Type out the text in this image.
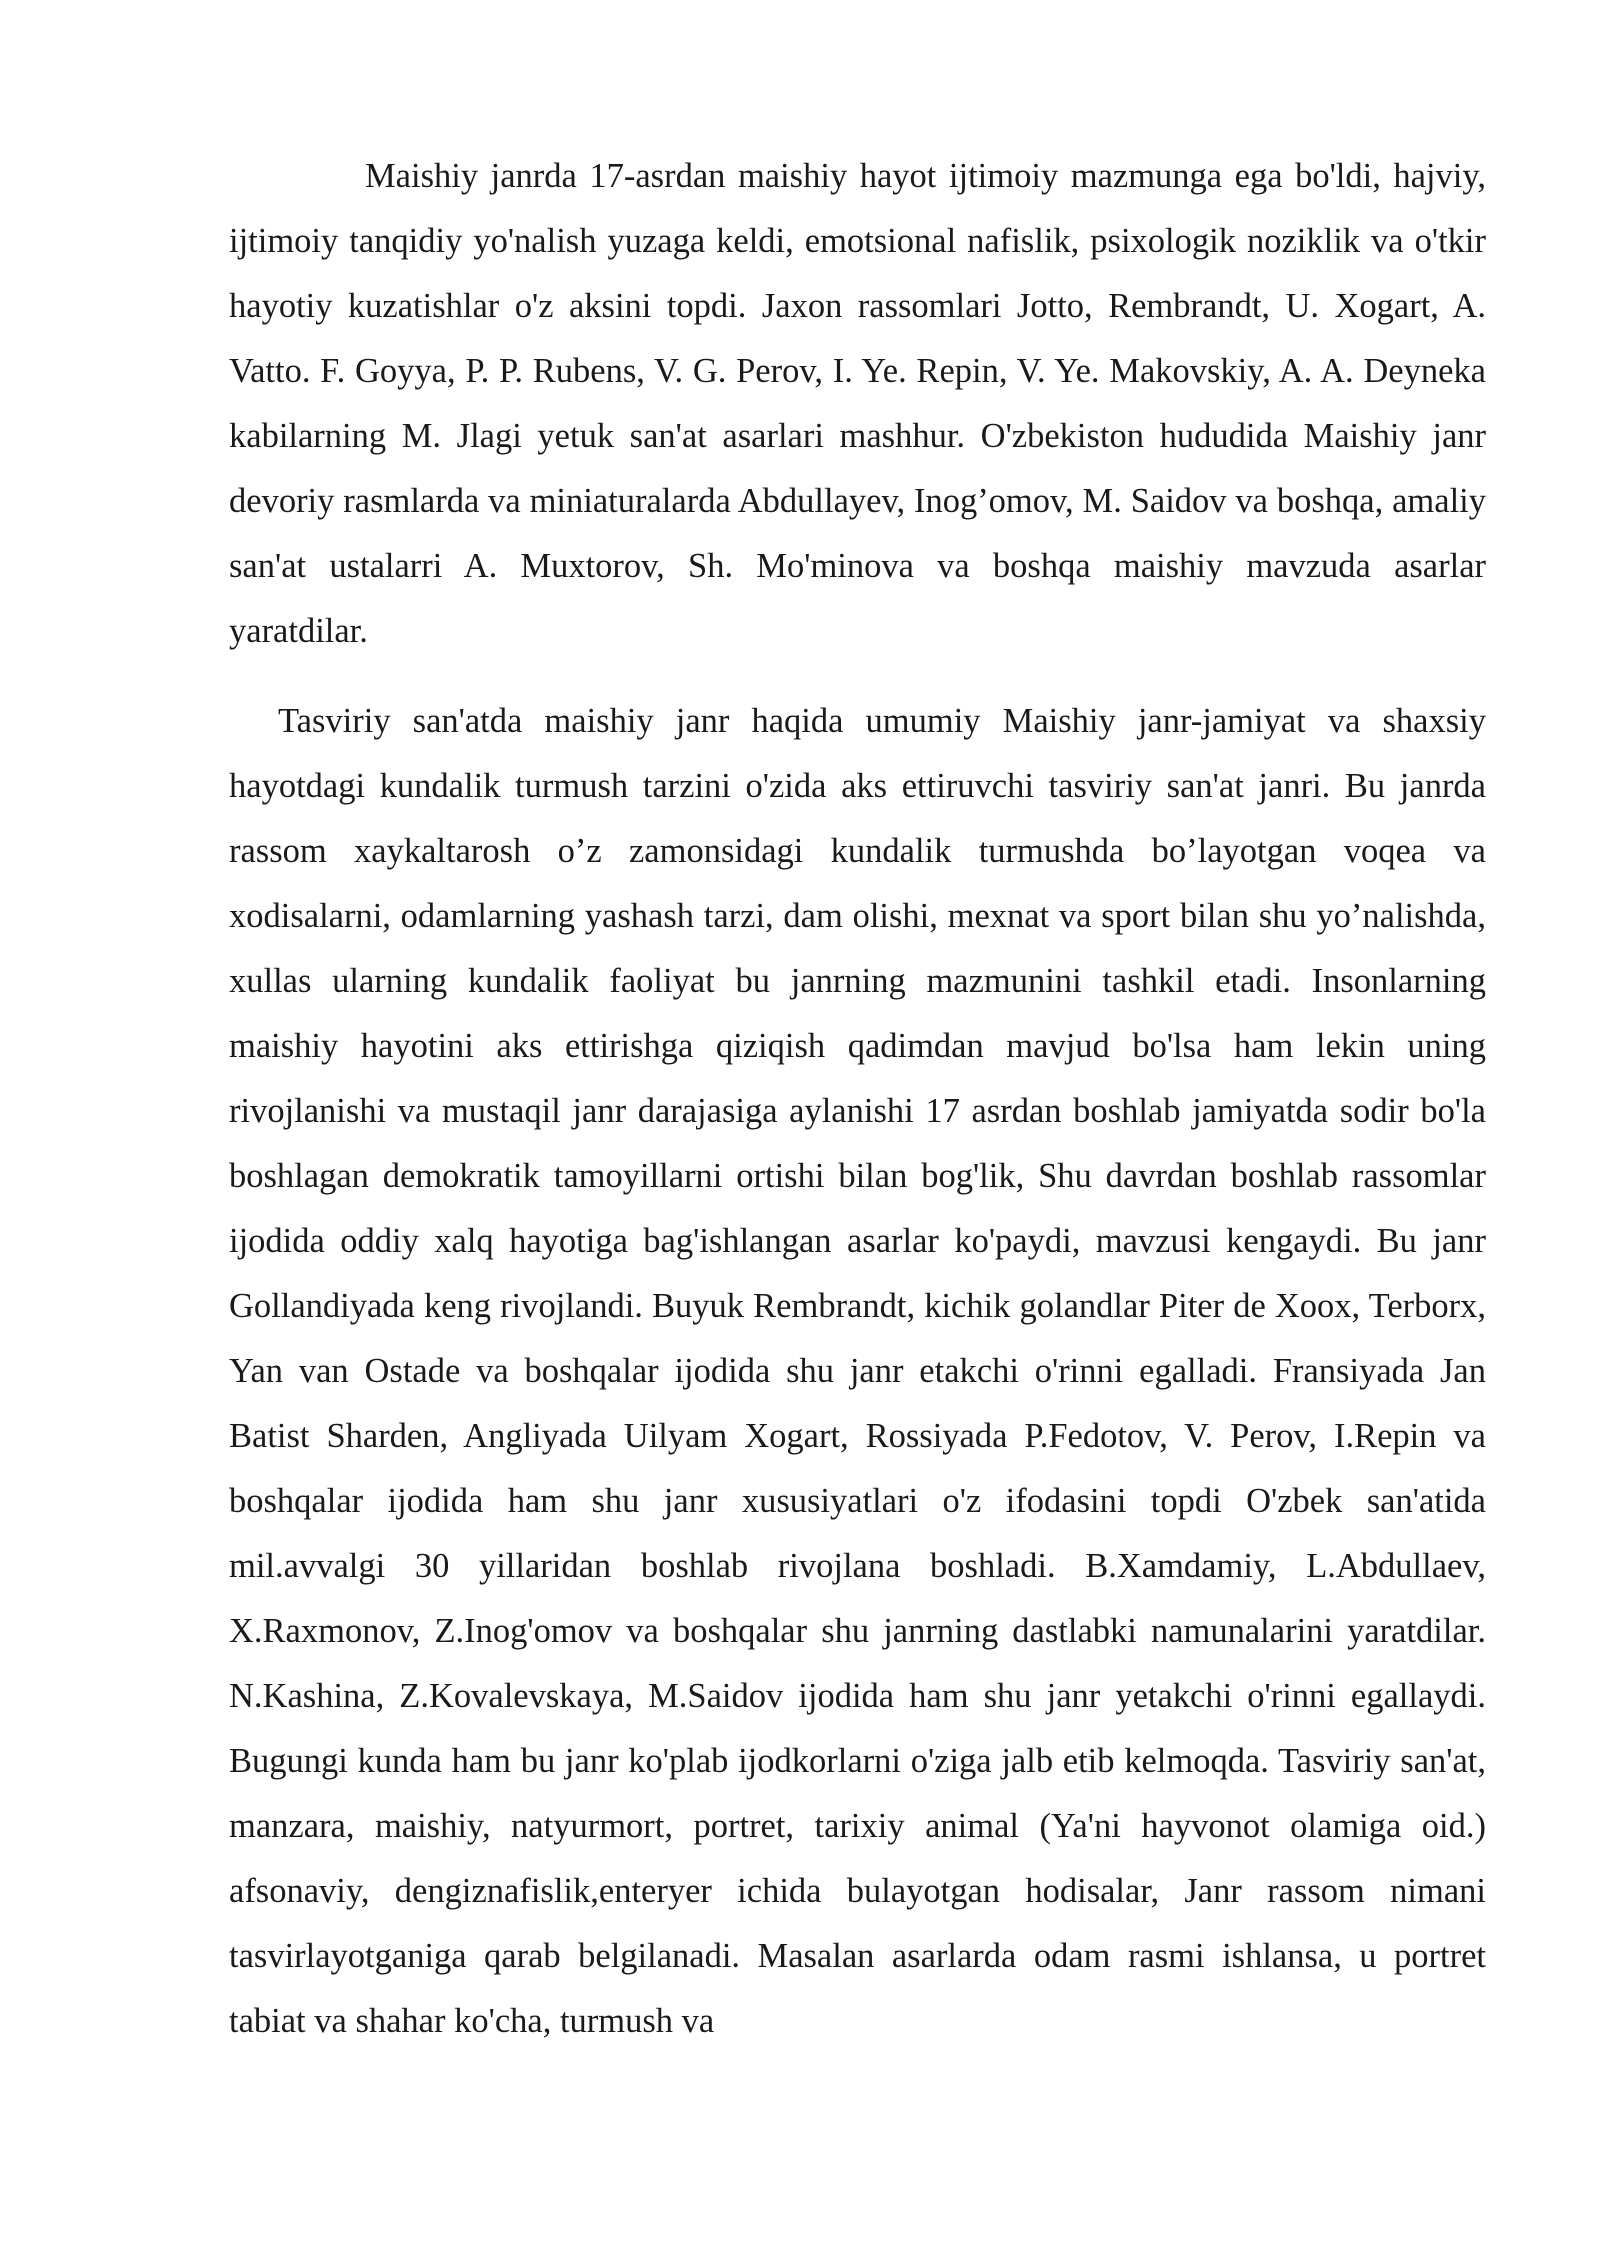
Maishiy janrda 17-asrdan maishiy hayot ijtimoiy mazmunga ega bo'ldi, hajviy, ijtimoiy tanqidiy yo'nalish yuzaga keldi, emotsional nafislik, psixologik noziklik va o'tkir hayotiy kuzatishlar o'z aksini topdi. Jaxon rassomlari Jotto, Rembrandt, U. Xogart, A. Vatto. F. Goyya, P. P. Rubens, V. G. Perov, I. Ye. Repin, V. Ye. Makovskiy, A. A. Deyneka kabilarning M. Jlagi yetuk san'at asarlari mashhur. O'zbekiston hududida Maishiy janr devoriy rasmlarda va miniaturalarda Abdullayev, Inog’omov, M. Saidov va boshqa, amaliy san'at ustalarri A. Muxtorov, Sh. Mo'minova va boshqa maishiy mavzuda asarlar yaratdilar.

Tasviriy san'atda maishiy janr haqida umumiy Maishiy janr-jamiyat va shaxsiy hayotdagi kundalik turmush tarzini o'zida aks ettiruvchi tasviriy san'at janri. Bu janrda rassom xaykaltarosh o’z zamonsidagi kundalik turmushda bo’layotgan voqea va xodisalarni, odamlarning yashash tarzi, dam olishi, mexnat va sport bilan shu yo’nalishda, xullas ularning kundalik faoliyat bu janrning mazmunini tashkil etadi. Insonlarning maishiy hayotini aks ettirishga qiziqish qadimdan mavjud bo'lsa ham lekin uning rivojlanishi va mustaqil janr darajasiga aylanishi 17 asrdan boshlab jamiyatda sodir bo'la boshlagan demokratik tamoyillarni ortishi bilan bog'lik, Shu davrdan boshlab rassomlar ijodida oddiy xalq hayotiga bag'ishlangan asarlar ko'paydi, mavzusi kengaydi. Bu janr Gollandiyada keng rivojlandi. Buyuk Rembrandt, kichik golandlar Piter de Xoox, Terborx, Yan van Ostade va boshqalar ijodida shu janr etakchi o'rinni egalladi. Fransiyada Jan Batist Sharden, Angliyada Uilyam Xogart, Rossiyada P.Fedotov, V. Perov, I.Repin va boshqalar ijodida ham shu janr xususiyatlari o'z ifodasini topdi O'zbek san'atida mil.avvalgi 30 yillaridan boshlab rivojlana boshladi. B.Xamdamiy, L.Abdullaev, X.Raxmonov, Z.Inog'omov va boshqalar shu janrning dastlabki namunalarini yaratdilar. N.Kashina, Z.Kovalevskaya, M.Saidov ijodida ham shu janr yetakchi o'rinni egallaydi. Bugungi kunda ham bu janr ko'plab ijodkorlarni o'ziga jalb etib kelmoqda. Tasviriy san'at, manzara, maishiy, natyurmort, portret, tarixiy animal (Ya'ni hayvonot olamiga oid.) afsonaviy, dengiznafislik,enteryer ichida bulayotgan hodisalar, Janr rassom nimani tasvirlayotganiga qarab belgilanadi. Masalan asarlarda odam rasmi ishlansa, u portret tabiat va shahar ko'cha, turmush va
